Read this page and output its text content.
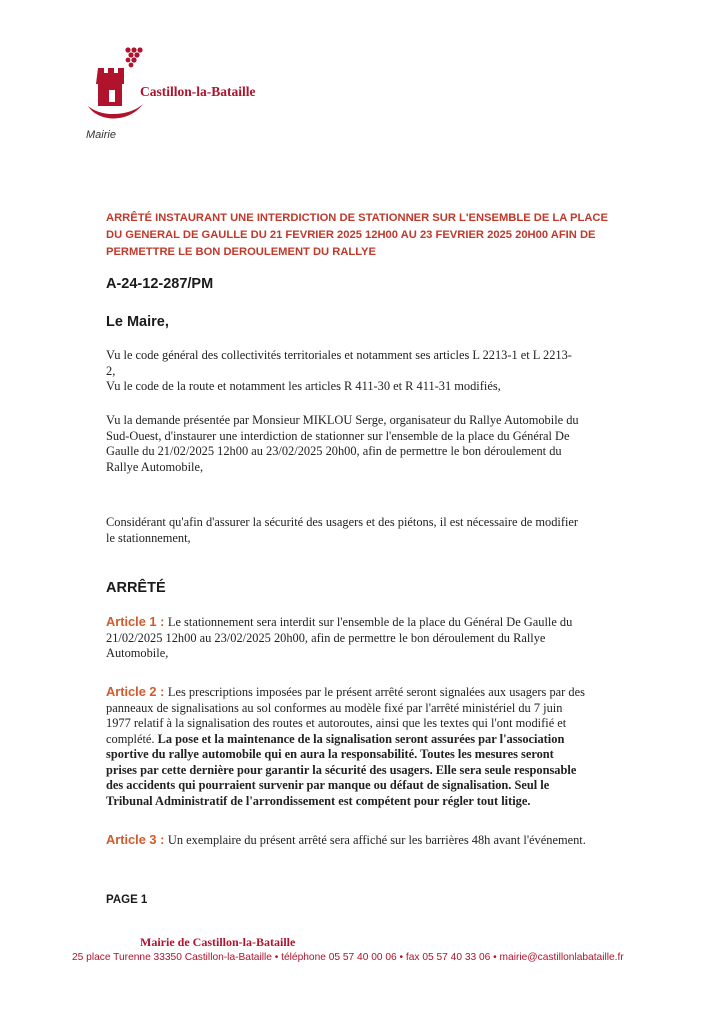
Castillon-la-Bataille
Mairie
ARRÊTÉ INSTAURANT UNE INTERDICTION DE STATIONNER SUR L'ENSEMBLE DE LA PLACE
DU GENERAL DE GAULLE DU 21 FEVRIER 2025 12H00 AU 23 FEVRIER 2025 20H00 AFIN DE
PERMETTRE LE BON DEROULEMENT DU RALLYE
A-24-12-287/PM
Le Maire,
Vu le code général des collectivités territoriales et notamment ses articles L 2213-1 et L 2213-
2,
Vu le code de la route et notamment les articles R 411-30 et R 411-31 modifiés,
Vu la demande présentée par Monsieur MIKLOU Serge, organisateur du Rallye Automobile du
Sud-Ouest, d'instaurer une interdiction de stationner sur l'ensemble de la place du Général De
Gaulle du 21/02/2025 12h00 au 23/02/2025 20h00, afin de permettre le bon déroulement du
Rallye Automobile,
Considérant qu'afin d'assurer la sécurité des usagers et des piétons, il est nécessaire de modifier
le stationnement,
ARRÊTÉ
Article 1 : Le stationnement sera interdit sur l'ensemble de la place du Général De Gaulle du
21/02/2025 12h00 au 23/02/2025 20h00, afin de permettre le bon déroulement du Rallye
Automobile,
Article 2 : Les prescriptions imposées par le présent arrêté seront signalées aux usagers par des
panneaux de signalisations au sol conformes au modèle fixé par l'arrêté ministériel du 7 juin
1977 relatif à la signalisation des routes et autoroutes, ainsi que les textes qui l'ont modifié et
complété. La pose et la maintenance de la signalisation seront assurées par l'association
sportive du rallye automobile qui en aura la responsabilité. Toutes les mesures seront
prises par cette dernière pour garantir la sécurité des usagers. Elle sera seule responsable
des accidents qui pourraient survenir par manque ou défaut de signalisation. Seul le
Tribunal Administratif de l'arrondissement est compétent pour régler tout litige.
Article 3 : Un exemplaire du présent arrêté sera affiché sur les barrières 48h avant l'événement.
PAGE 1
Mairie de Castillon-la-Bataille
25 place Turenne 33350 Castillon-la-Bataille • téléphone 05 57 40 00 06 • fax 05 57 40 33 06 • mairie@castillonlabataille.fr
